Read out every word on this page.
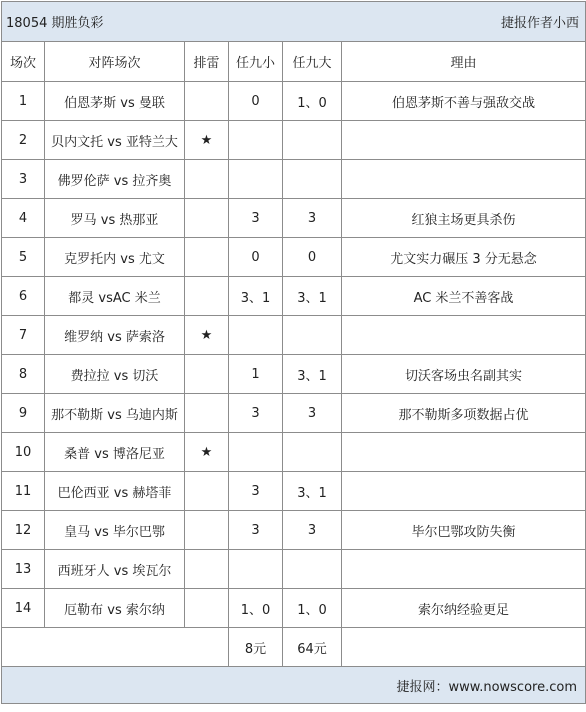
18054 期胜负彩			捷报作者小西		
场次	对阵场次	排雷	任九小	任九大	理由
1	伯恩茅斯 vs 曼联		0	1、0	伯恩茅斯不善与强敌交战
2	贝内文托 vs 亚特兰大	★			
3	佛罗伦萨 vs 拉齐奥				
4	罗马 vs 热那亚		3	3	红狼主场更具杀伤
5	克罗托内 vs 尤文		0	0	尤文实力碾压 3 分无悬念
6	都灵 vsAC 米兰		3、1	3、1	AC 米兰不善客战
7	维罗纳 vs 萨索洛	★			
8	费拉拉 vs 切沃		1	3、1	切沃客场虫名副其实
9	那不勒斯 vs 乌迪内斯		3	3	那不勒斯多项数据占优
10	桑普 vs 博洛尼亚	★			
11	巴伦西亚 vs 赫塔菲		3	3、1	
12	皇马 vs 毕尔巴鄂		3	3	毕尔巴鄂攻防失衡
13	西班牙人 vs 埃瓦尔				
14	厄勒布 vs 索尔纳		1、0	1、0	索尔纳经验更足
			8元	64元	
捷报网：www.nowscore.com					
